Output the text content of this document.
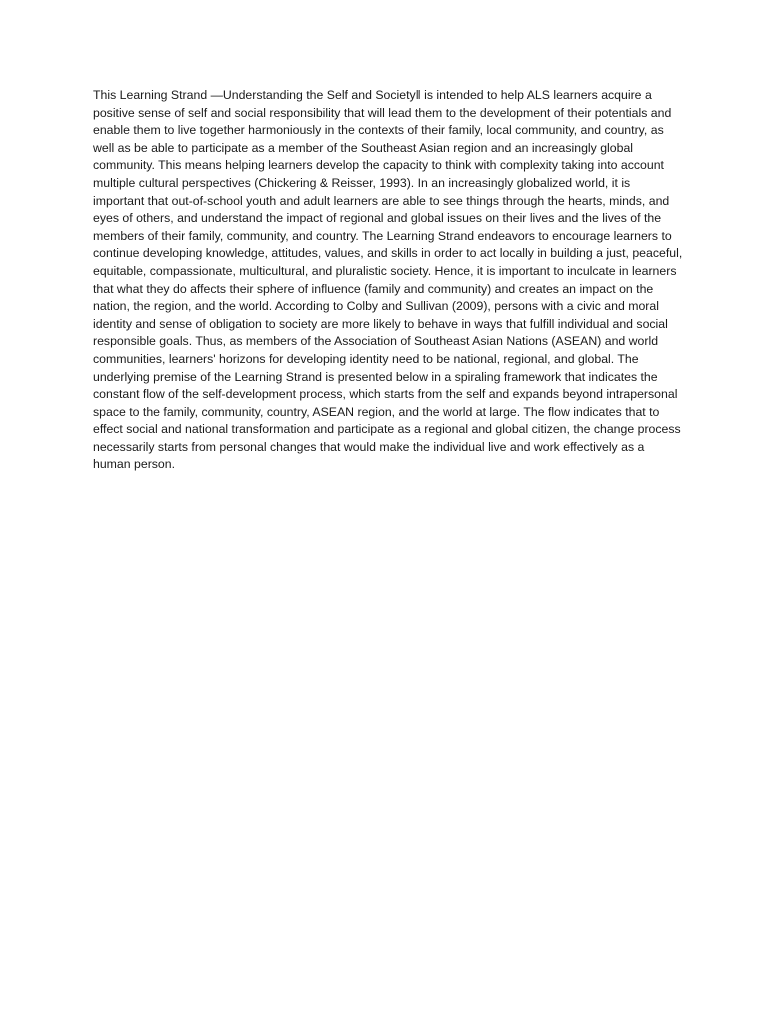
This Learning Strand —Understanding the Self and Society‖ is intended to help ALS learners acquire a positive sense of self and social responsibility that will lead them to the development of their potentials and enable them to live together harmoniously in the contexts of their family, local community, and country, as well as be able to participate as a member of the Southeast Asian region and an increasingly global community. This means helping learners develop the capacity to think with complexity taking into account multiple cultural perspectives (Chickering & Reisser, 1993). In an increasingly globalized world, it is important that out-of-school youth and adult learners are able to see things through the hearts, minds, and eyes of others, and understand the impact of regional and global issues on their lives and the lives of the members of their family, community, and country. The Learning Strand endeavors to encourage learners to continue developing knowledge, attitudes, values, and skills in order to act locally in building a just, peaceful, equitable, compassionate, multicultural, and pluralistic society. Hence, it is important to inculcate in learners that what they do affects their sphere of influence (family and community) and creates an impact on the nation, the region, and the world. According to Colby and Sullivan (2009), persons with a civic and moral identity and sense of obligation to society are more likely to behave in ways that fulfill individual and social responsible goals. Thus, as members of the Association of Southeast Asian Nations (ASEAN) and world communities, learners' horizons for developing identity need to be national, regional, and global. The underlying premise of the Learning Strand is presented below in a spiraling framework that indicates the constant flow of the self-development process, which starts from the self and expands beyond intrapersonal space to the family, community, country, ASEAN region, and the world at large. The flow indicates that to effect social and national transformation and participate as a regional and global citizen, the change process necessarily starts from personal changes that would make the individual live and work effectively as a human person.
